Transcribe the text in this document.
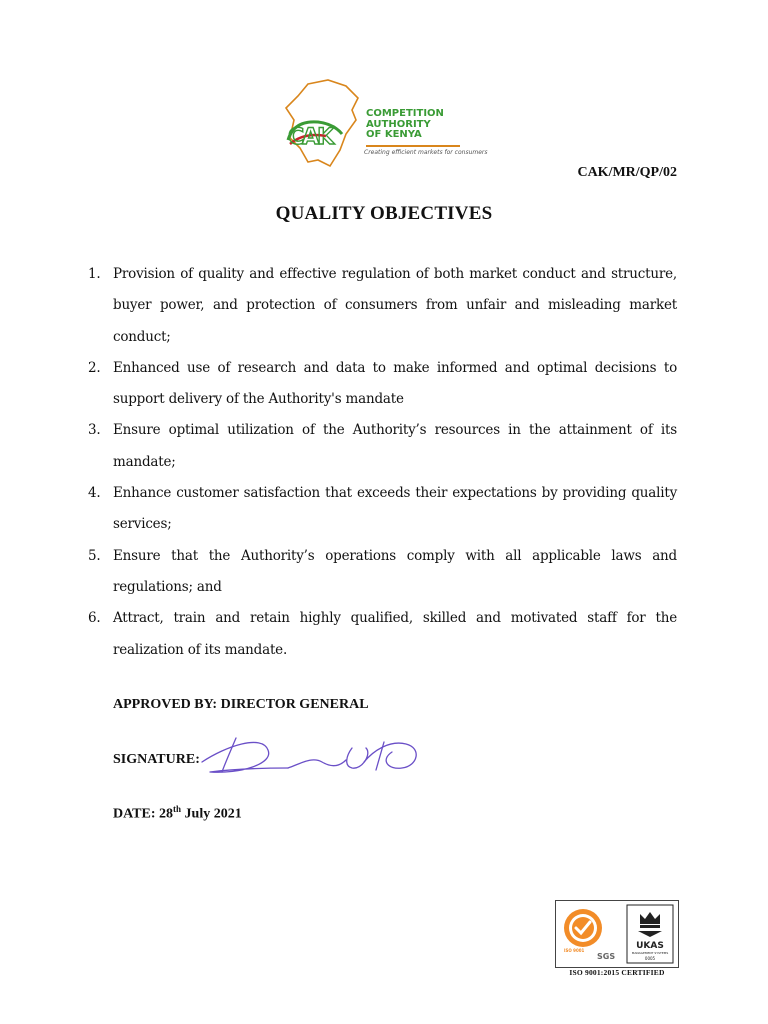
CAK
COMPETITION
AUTHORITY
OF KENYA
Creating efficient markets for consumers
CAK/MR/QP/02
QUALITY OBJECTIVES
1. Provision of quality and effective regulation of both market conduct and structure, buyer power, and protection of consumers from unfair and misleading market conduct;
2. Enhanced use of research and data to make informed and optimal decisions to support delivery of the Authority's mandate
3. Ensure optimal utilization of the Authority’s resources in the attainment of its mandate;
4. Enhance customer satisfaction that exceeds their expectations by providing quality services;
5. Ensure that the Authority’s operations comply with all applicable laws and regulations; and
6. Attract, train and retain highly qualified, skilled and motivated staff for the realization of its mandate.
APPROVED BY: DIRECTOR GENERAL
SIGNATURE:
DATE: 28th July 2021
ISO 9001
SGS
UKAS
MANAGEMENT SYSTEMS
0005
ISO 9001:2015 CERTIFIED
